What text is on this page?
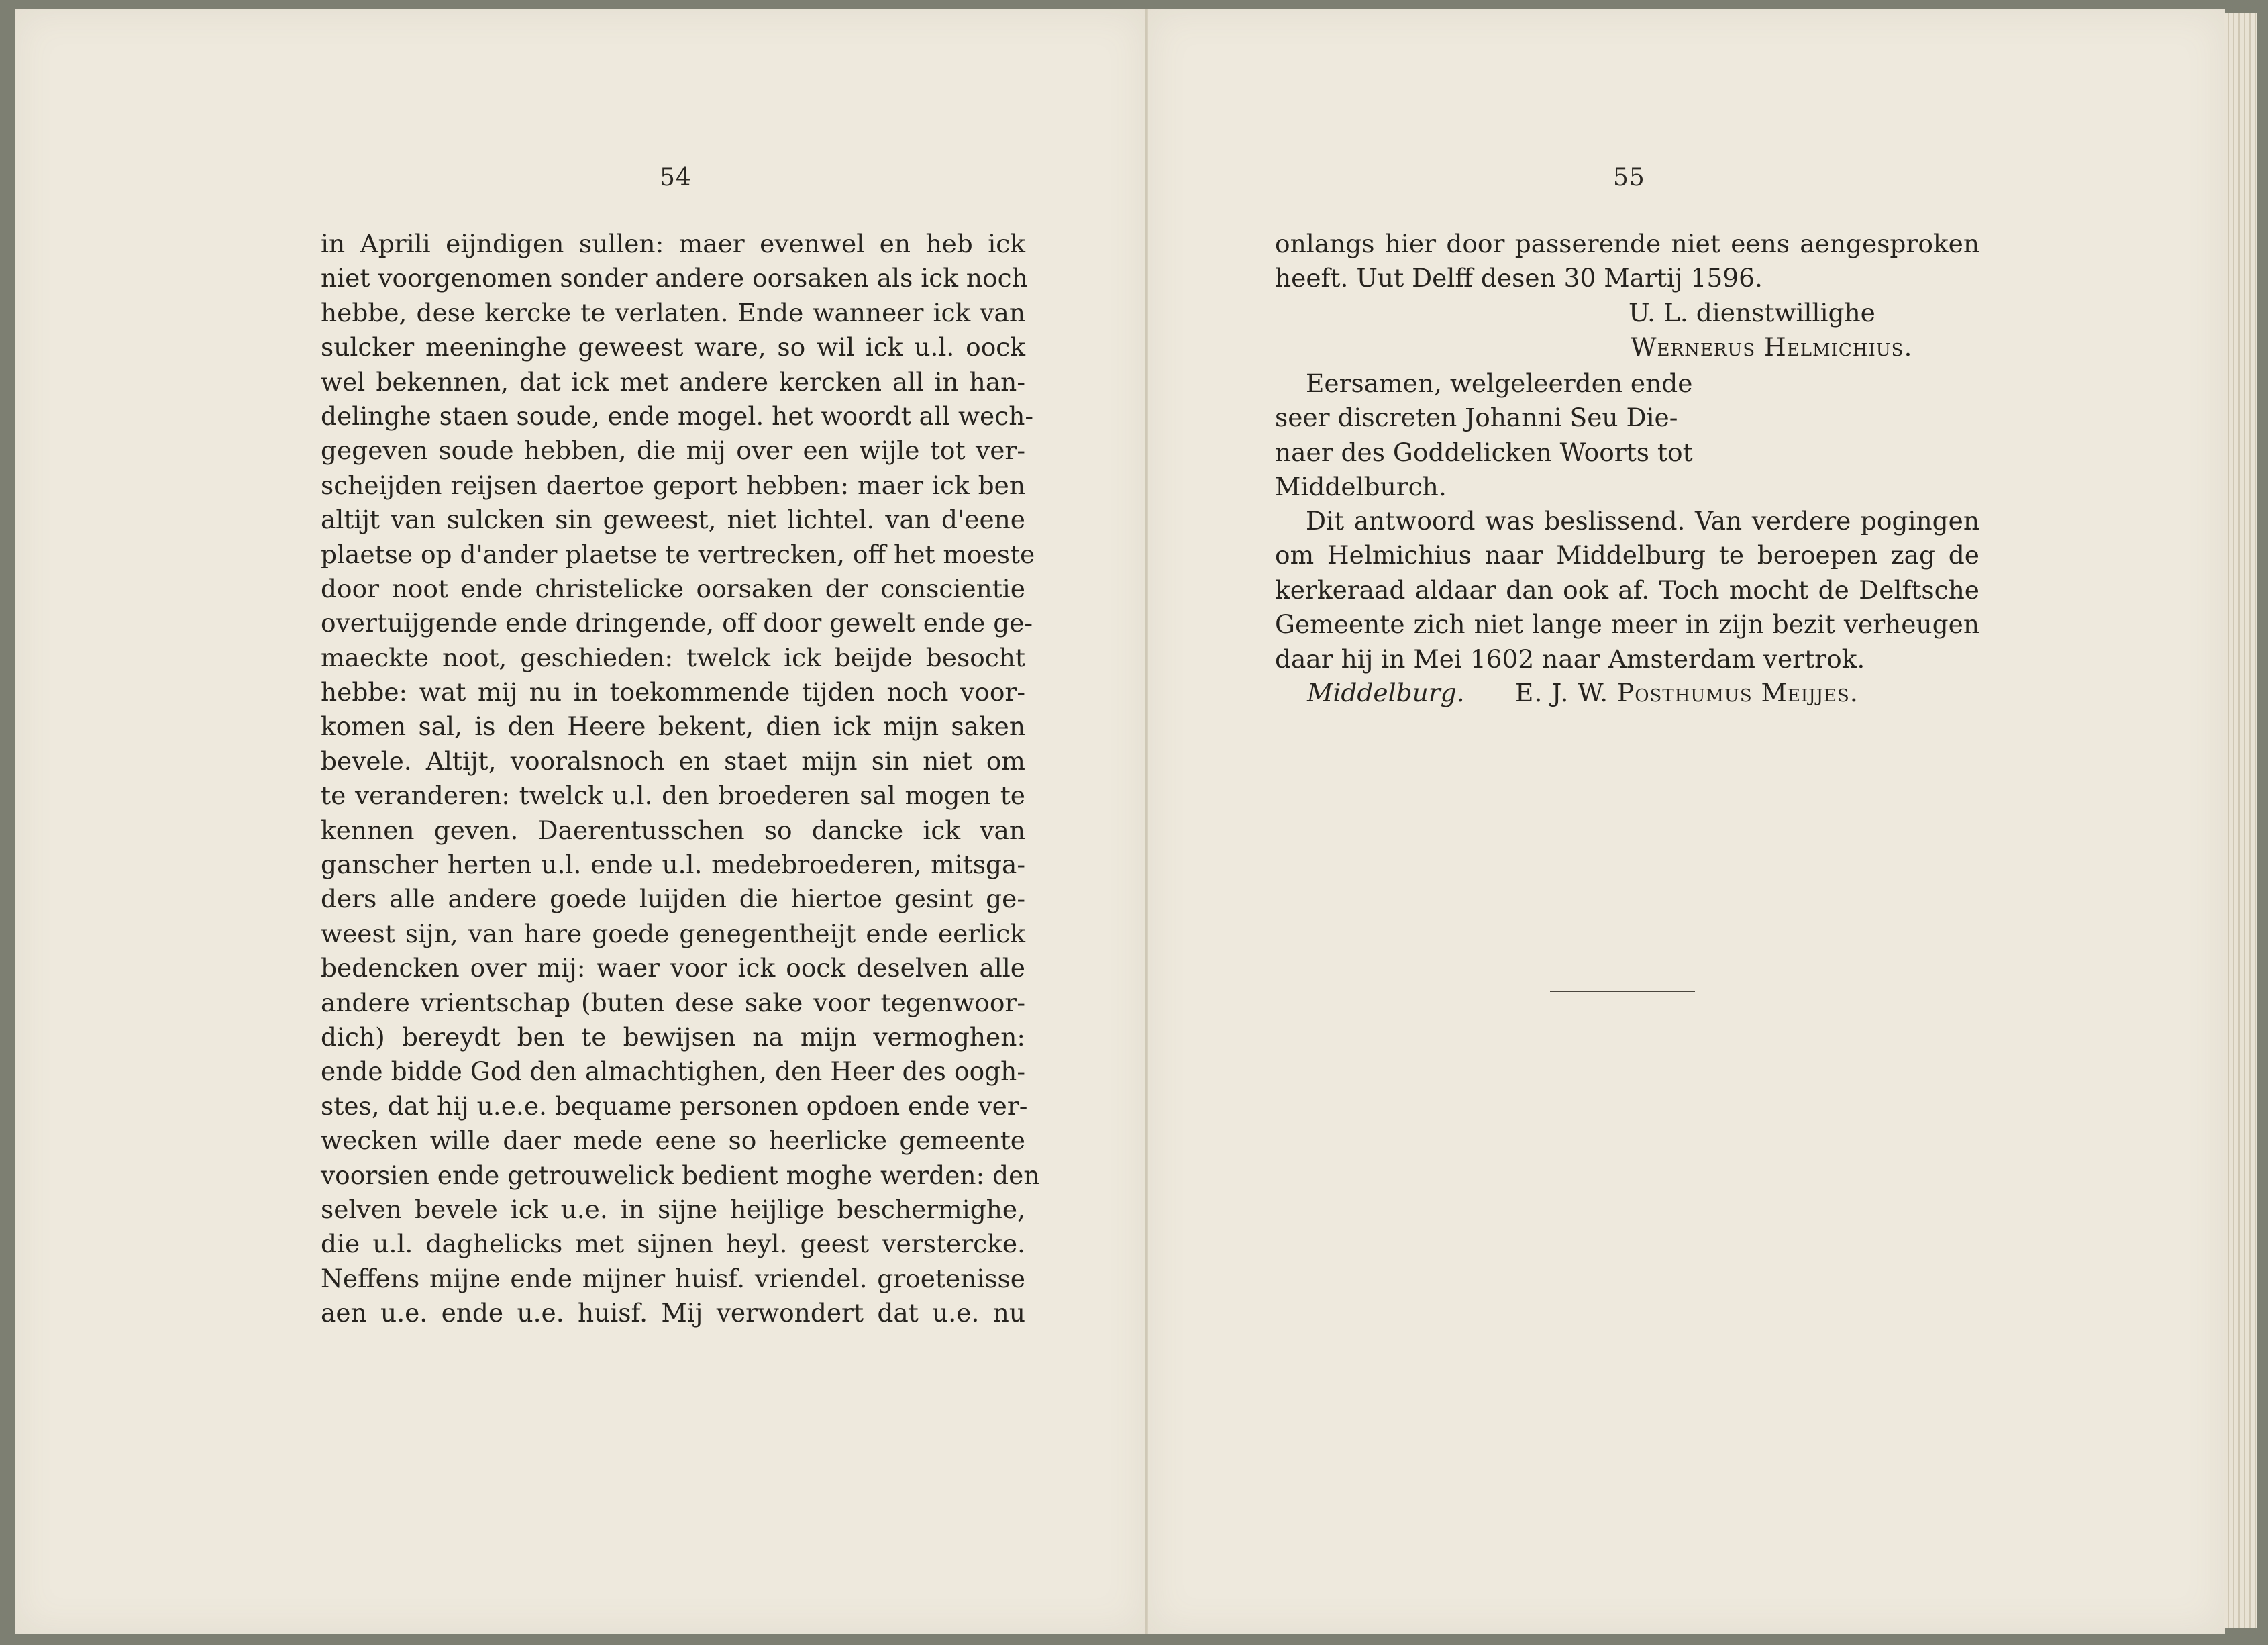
54
in Aprili eijndigen sullen: maer evenwel en heb ick
niet voorgenomen sonder andere oorsaken als ick noch
hebbe, dese kercke te verlaten. Ende wanneer ick van
sulcker meeninghe geweest ware, so wil ick u.l. oock
wel bekennen, dat ick met andere kercken all in han-
delinghe staen soude, ende mogel. het woordt all wech-
gegeven soude hebben, die mij over een wijle tot ver-
scheijden reijsen daertoe geport hebben: maer ick ben
altijt van sulcken sin geweest, niet lichtel. van d'eene
plaetse op d'ander plaetse te vertrecken, off het moeste
door noot ende christelicke oorsaken der conscientie
overtuijgende ende dringende, off door gewelt ende ge-
maeckte noot, geschieden: twelck ick beijde besocht
hebbe: wat mij nu in toekommende tijden noch voor-
komen sal, is den Heere bekent, dien ick mijn saken
bevele. Altijt, vooralsnoch en staet mijn sin niet om
te veranderen: twelck u.l. den broederen sal mogen te
kennen geven. Daerentusschen so dancke ick van
ganscher herten u.l. ende u.l. medebroederen, mitsga-
ders alle andere goede luijden die hiertoe gesint ge-
weest sijn, van hare goede genegentheijt ende eerlick
bedencken over mij: waer voor ick oock deselven alle
andere vrientschap (buten dese sake voor tegenwoor-
dich) bereydt ben te bewijsen na mijn vermoghen:
ende bidde God den almachtighen, den Heer des oogh-
stes, dat hij u.e.e. bequame personen opdoen ende ver-
wecken wille daer mede eene so heerlicke gemeente
voorsien ende getrouwelick bedient moghe werden: den
selven bevele ick u.e. in sijne heijlige beschermighe,
die u.l. daghelicks met sijnen heyl. geest verstercke.
Neffens mijne ende mijner huisf. vriendel. groetenisse
aen u.e. ende u.e. huisf. Mij verwondert dat u.e. nu
55
onlangs hier door passerende niet eens aengesproken
heeft. Uut Delff desen 30 Martij 1596.
U. L. dienstwillighe
Wernerus Helmichius.
Eersamen, welgeleerden ende
seer discreten Johanni Seu Die-
naer des Goddelicken Woorts tot
Middelburch.
Dit antwoord was beslissend. Van verdere pogingen
om Helmichius naar Middelburg te beroepen zag de
kerkeraad aldaar dan ook af. Toch mocht de Delftsche
Gemeente zich niet lange meer in zijn bezit verheugen
daar hij in Mei 1602 naar Amsterdam vertrok.
Middelburg. E. J. W. Posthumus Meijjes.
